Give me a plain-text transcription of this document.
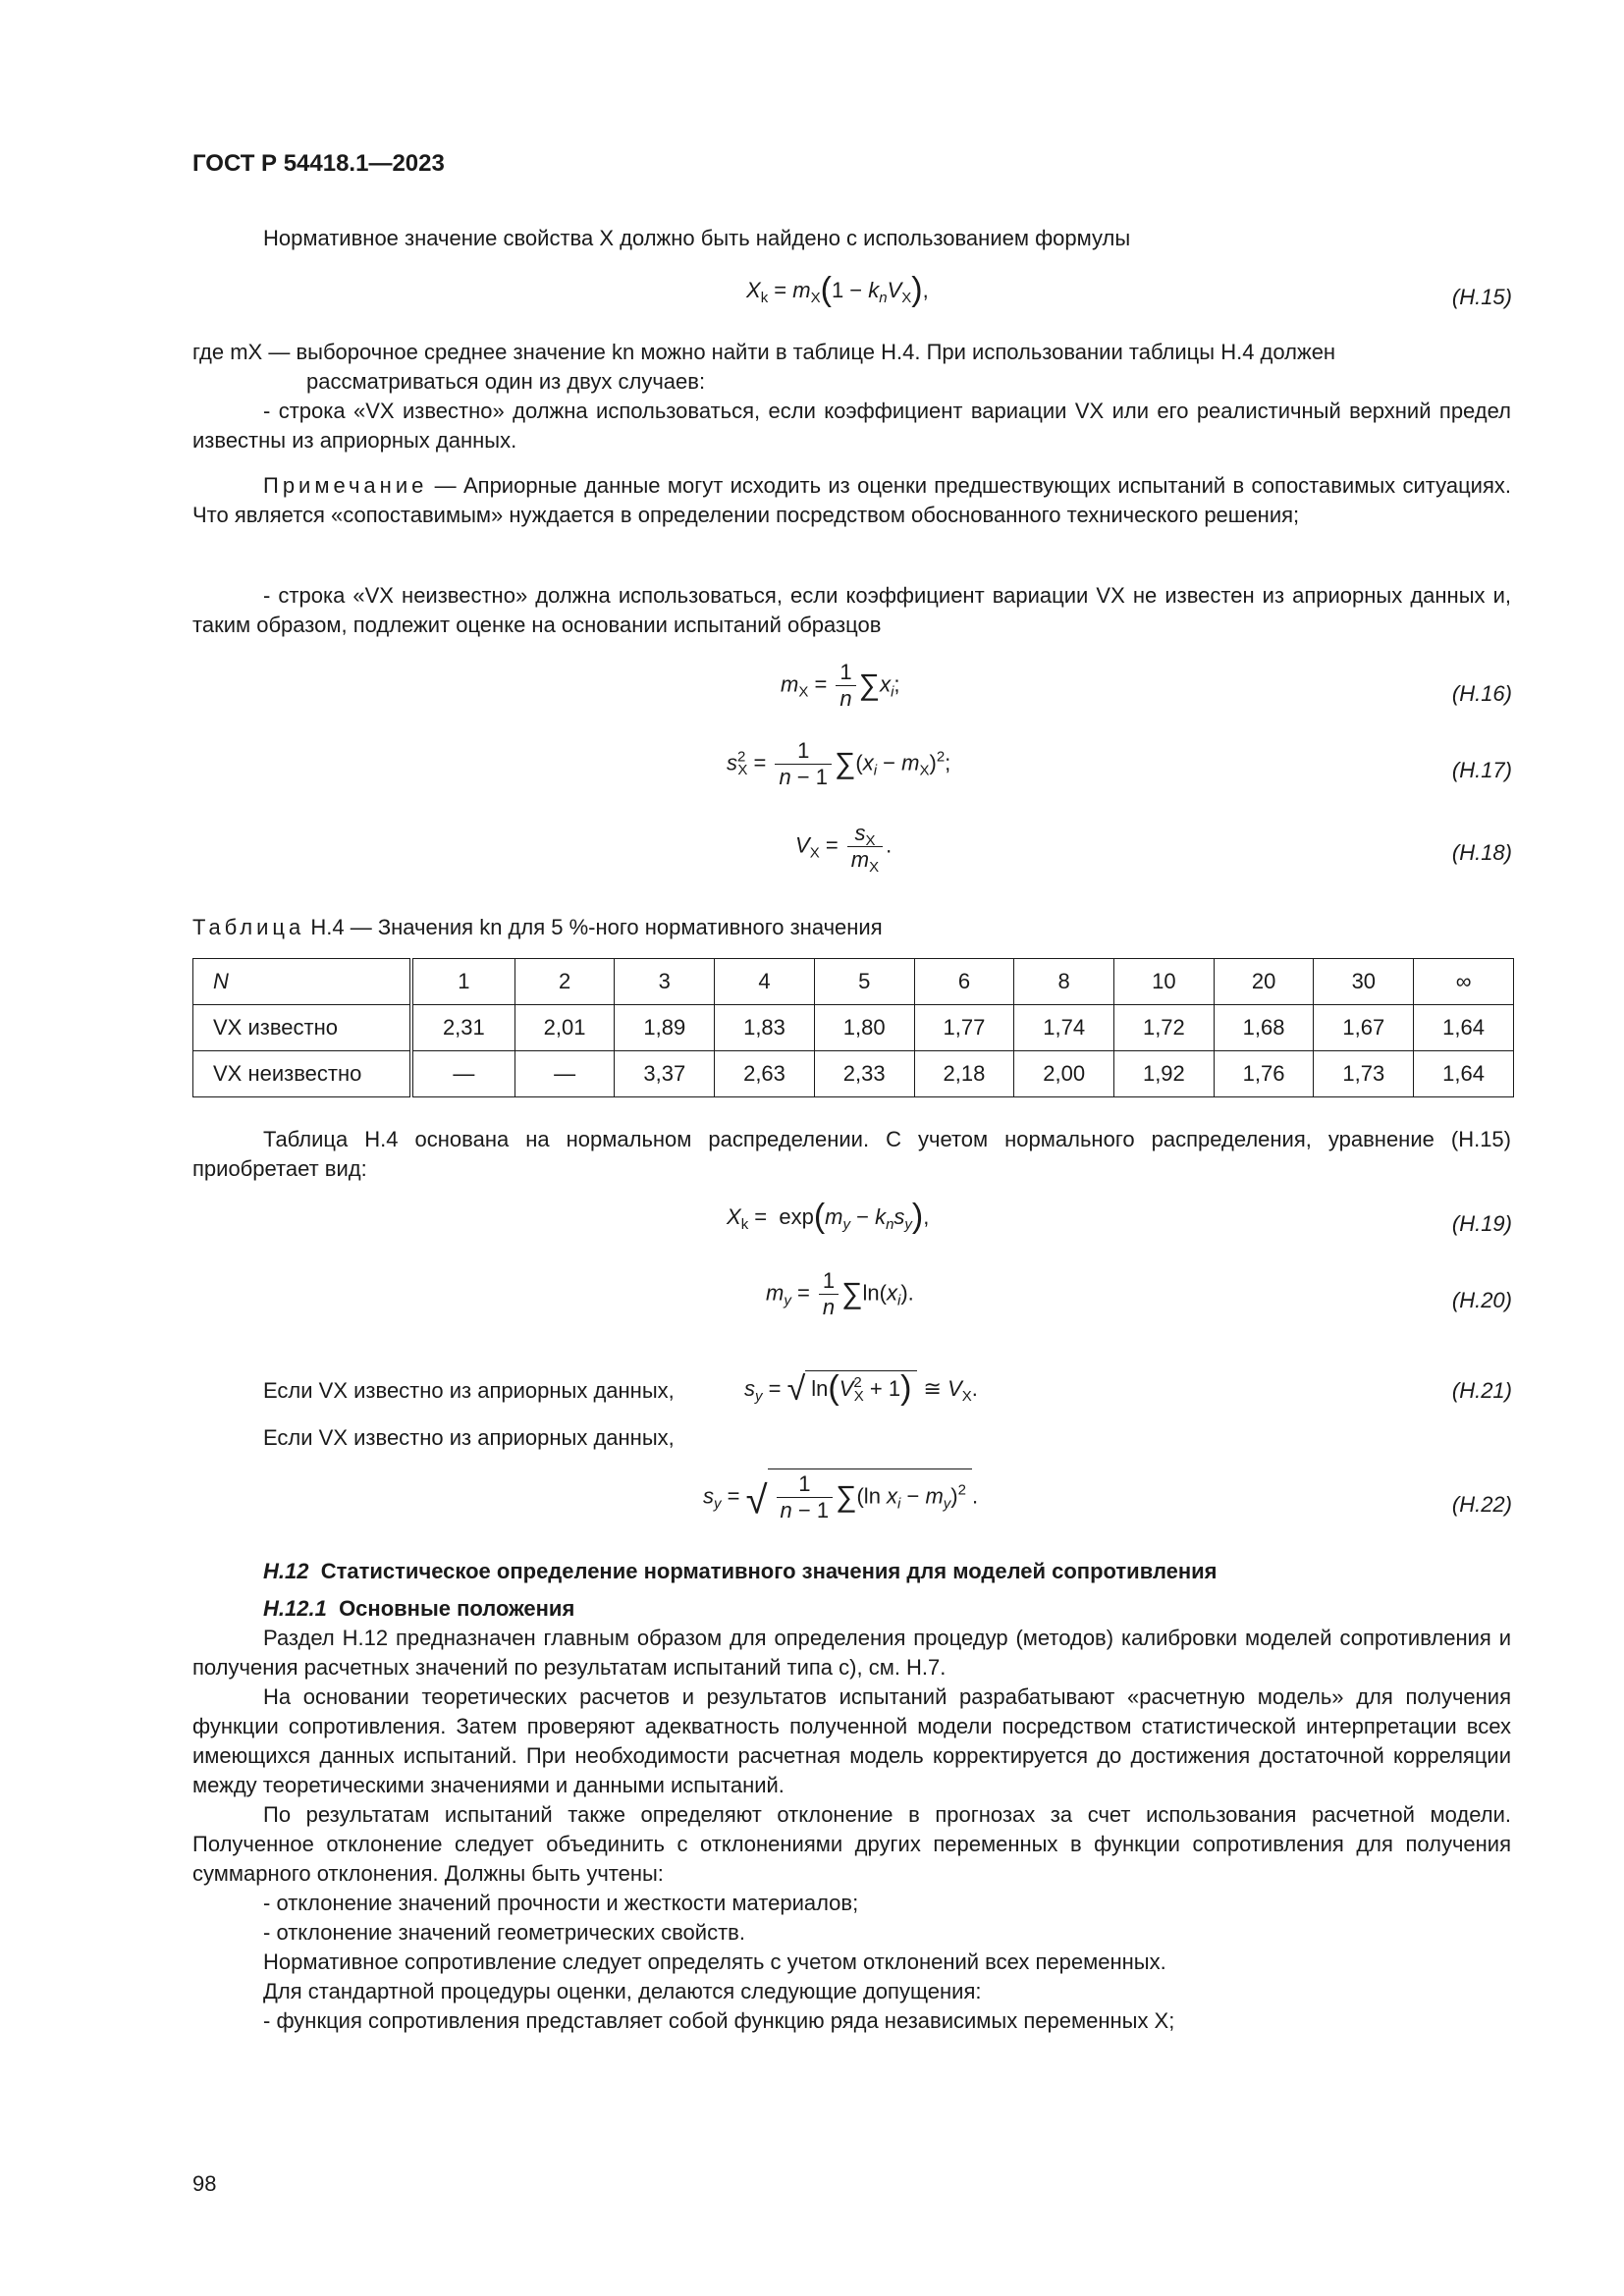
ГОСТ Р 54418.1—2023
Нормативное значение свойства X должно быть найдено с использованием формулы
$X_k = m_X(1 - k_nV_X)$,	(H.15)
где mX — выборочное среднее значение kn можно найти в таблице H.4. При использовании таблицы H.4 должен
рассматриваться один из двух случаев:
- строка «VX известно» должна использоваться, если коэффициент вариации VX или его реалистичный верхний предел известны из априорных данных.
Примечание — Априорные данные могут исходить из оценки предшествующих испытаний в сопоставимых ситуациях. Что является «сопоставимым» нуждается в определении посредством обоснованного технического решения;
- строка «VX неизвестно» должна использоваться, если коэффициент вариации VX не известен из априорных данных и, таким образом, подлежит оценке на основании испытаний образцов
$m_X = \frac{1}{n} \sum x_i$;	(H.16)
$s^2_X = \frac{1}{n - 1} \sum(x_i - m_X)^2$;	(H.17)
$V_X = \frac{s_X}{m_X}$ .	(H.18)
Таблица H.4 — Значения kn для 5 %-ного нормативного значения
N	1	2	3	4	5	6	8	10	20	30	∞
VX известно	2,31	2,01	1,89	1,83	1,80	1,77	1,74	1,72	1,68	1,67	1,64
VX неизвестно	—	—	3,37	2,63	2,33	2,18	2,00	1,92	1,76	1,73	1,64
Таблица H.4 основана на нормальном распределении. С учетом нормального распределения, уравнение (H.15) приобретает вид:
$X_k = \exp(m_y - k_ns_y)$,	(H.19)
$m_y = \frac{1}{n} \sum\ln(x_i)$.	(H.20)
Если VX известно из априорных данных,	$s_y$ = √ $\ln(V^2_X + 1)$ ≅ $V_X$.	(H.21)
Если VX известно из априорных данных,
$s_y$ = √ $\frac{1}{n - 1} \sum(\ln$ $x_i - m_y)^2$ .	(H.22)
H.12 Статистическое определение нормативного значения для моделей сопротивления
H.12.1 Основные положения
Раздел H.12 предназначен главным образом для определения процедур (методов) калибровки моделей сопротивления и получения расчетных значений по результатам испытаний типа с), см. H.7.
На основании теоретических расчетов и результатов испытаний разрабатывают «расчетную модель» для получения функции сопротивления. Затем проверяют адекватность полученной модели посредством статистической интерпретации всех имеющихся данных испытаний. При необходимости расчетная модель корректируется до достижения достаточной корреляции между теоретическими значениями и данными испытаний.
По результатам испытаний также определяют отклонение в прогнозах за счет использования расчетной модели. Полученное отклонение следует объединить с отклонениями других переменных в функции сопротивления для получения суммарного отклонения. Должны быть учтены:
- отклонение значений прочности и жесткости материалов;
- отклонение значений геометрических свойств.
Нормативное сопротивление следует определять с учетом отклонений всех переменных.
Для стандартной процедуры оценки, делаются следующие допущения:
- функция сопротивления представляет собой функцию ряда независимых переменных X;
98
